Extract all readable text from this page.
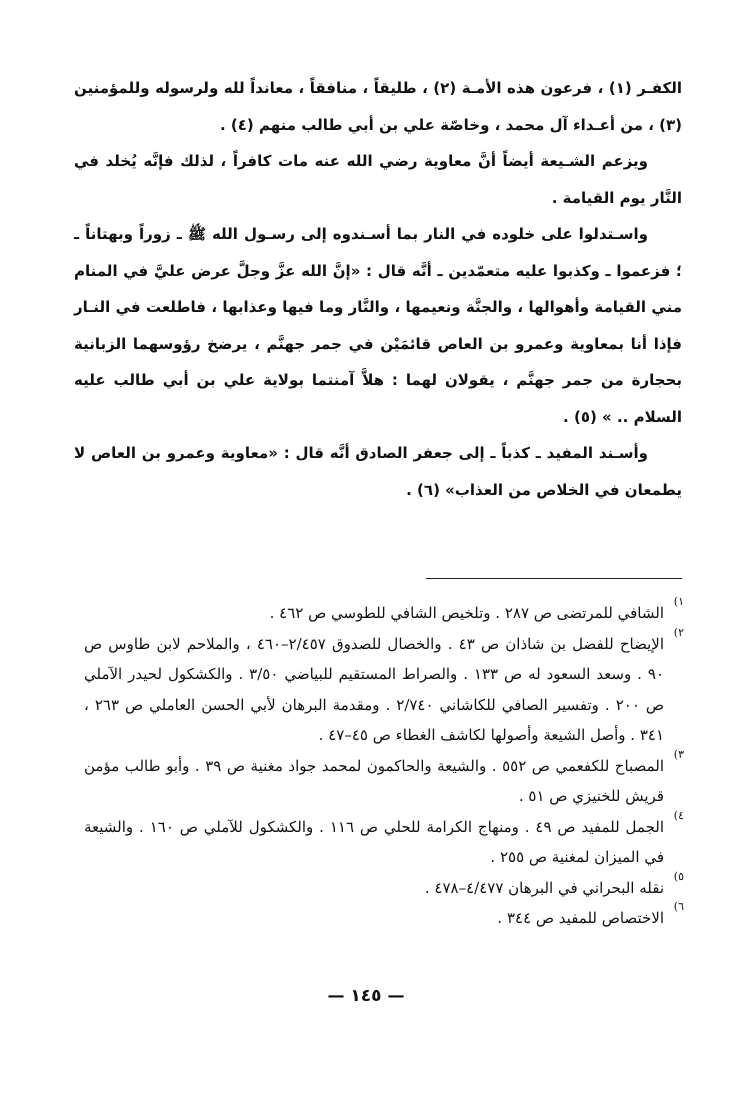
الكفـر (١) ، فرعون هذه الأمـة (٢) ، طليقاً ، منافقاً ، معانداً لله ولرسوله وللمؤمنين (٣) ، من أعـداء آل محمد ، وخاصّة علي بن أبي طالب منهم (٤) .

ويزعم الشـيعة أيضاً أنَّ معاوية رضي الله عنه مات كافراً ، لذلك فإنَّه يُخلد في النَّار يوم القيامة .

واسـتدلوا على خلوده في النار بما أسـندوه إلى رسـول الله ﷺ ـ زوراً وبهتاناً ـ ؛ فزعموا ـ وكذبوا عليه متعمّدين ـ أنَّه قال : «إنَّ الله عزَّ وجلَّ عرض عليَّ في المنام مني القيامة وأهوالها ، والجنَّة ونعيمها ، والنَّار وما فيها وعذابها ، فاطلعت في النـار فإذا أنا بمعاوية وعمرو بن العاص قائمَيْن في جمر جهنَّم ، يرضخ رؤوسهما الزبانية بحجارة من جمر جهنَّم ، يقولان لهما : هلاَّ آمنتما بولاية علي بن أبي طالب عليه السلام .. » (٥) .

وأسـند المفيد ـ كذباً ـ إلى جعفر الصادق أنَّه قال : «معاوية وعمرو بن العاص لا يطمعان في الخلاص من العذاب» (٦) .

١)
الشافي للمرتضى ص ٢٨٧ . وتلخيص الشافي للطوسي ص ٤٦٢ .
٢)
الإيضاح للفضل بن شاذان ص ٤٣ . والخصال للصدوق ٢/٤٥٧–٤٦٠ ، والملاحم لابن طاوس ص ٩٠ . وسعد السعود له ص ١٣٣ . والصراط المستقيم للبياضي ٣/٥٠ . والكشكول لحيدر الآملي ص ٢٠٠ . وتفسير الصافي للكاشاني ٢/٧٤٠ . ومقدمة البرهان لأبي الحسن العاملي ص ٢٦٣ ، ٣٤١ . وأصل الشيعة وأصولها لكاشف الغطاء ص ٤٥–٤٧ .
٣)
المصباح للكفعمي ص ٥٥٢ . والشيعة والحاكمون لمحمد جواد مغنية ص ٣٩ . وأبو طالب مؤمن قريش للخنيزي ص ٥١ .
٤)
الجمل للمفيد ص ٤٩ . ومنهاج الكرامة للحلي ص ١١٦ . والكشكول للآملي ص ١٦٠ . والشيعة في الميزان لمغنية ص ٢٥٥ .
٥)
نقله البحراني في البرهان ٤/٤٧٧–٤٧٨ .
٦)
الاختصاص للمفيد ص ٣٤٤ .
— ١٤٥ —
